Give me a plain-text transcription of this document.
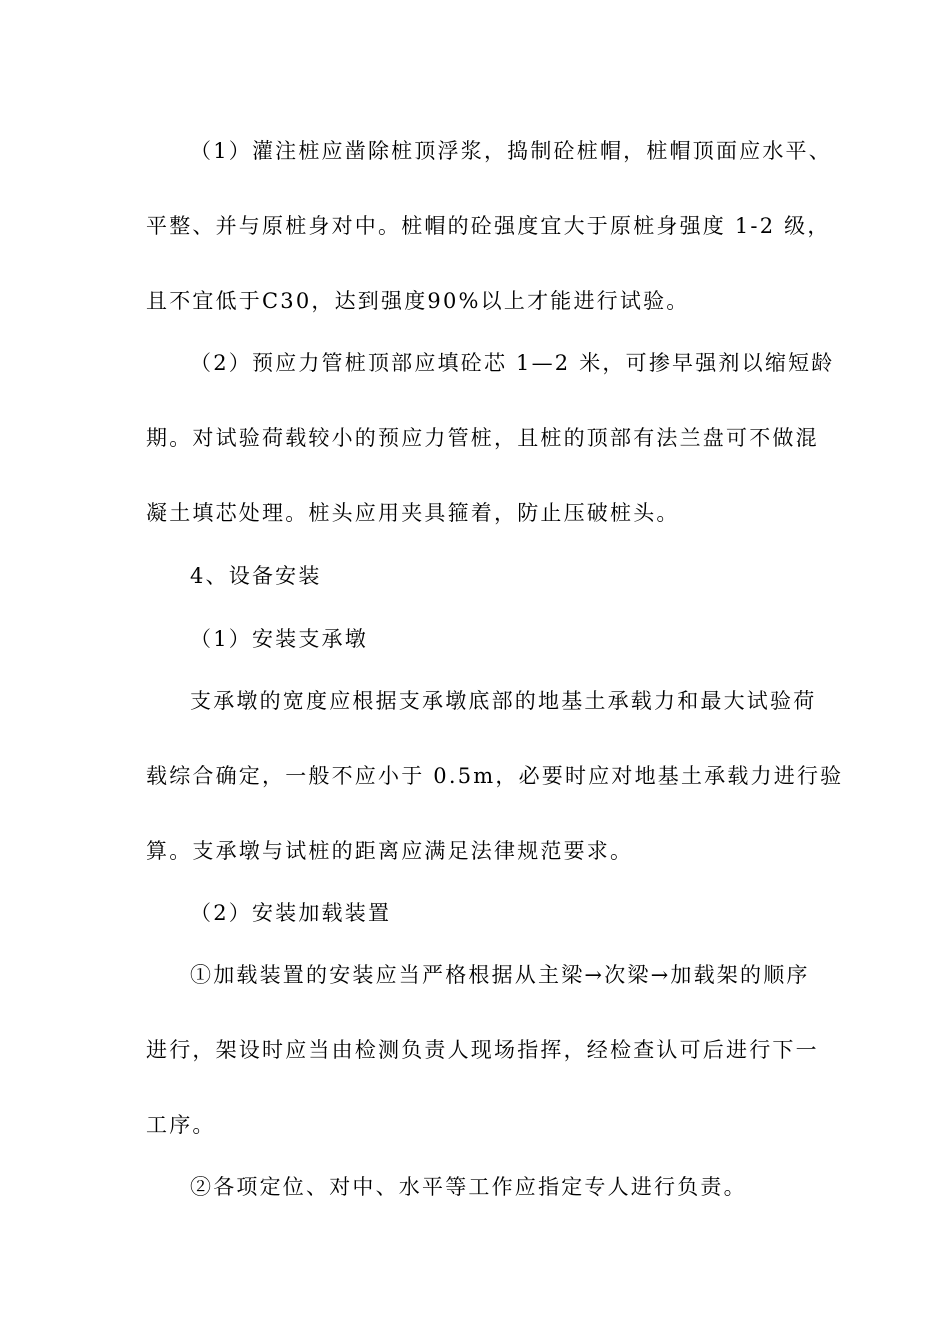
（1）灌注桩应凿除桩顶浮浆，捣制砼桩帽，桩帽顶面应水平、
平整、并与原桩身对中。桩帽的砼强度宜大于原桩身强度 1-2 级，
且不宜低于C30，达到强度90%以上才能进行试验。
（2）预应力管桩顶部应填砼芯 1—2 米，可掺早强剂以缩短龄
期。对试验荷载较小的预应力管桩，且桩的顶部有法兰盘可不做混
凝土填芯处理。桩头应用夹具箍着，防止压破桩头。
4、设备安装
（1）安装支承墩
支承墩的宽度应根据支承墩底部的地基土承载力和最大试验荷
载综合确定，一般不应小于 0.5m，必要时应对地基土承载力进行验
算。支承墩与试桩的距离应满足法律规范要求。
（2）安装加载装置
①加载装置的安装应当严格根据从主梁→次梁→加载架的顺序
进行，架设时应当由检测负责人现场指挥，经检查认可后进行下一
工序。
②各项定位、对中、水平等工作应指定专人进行负责。
